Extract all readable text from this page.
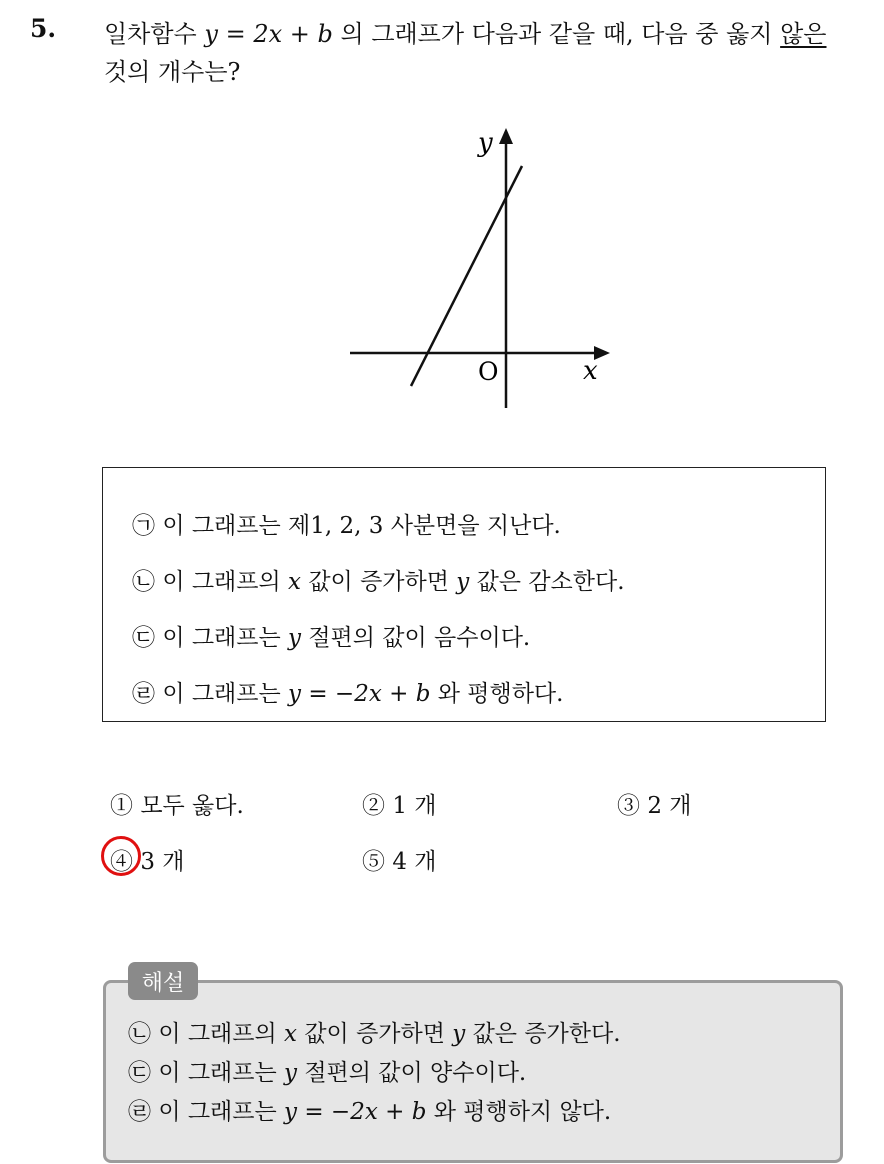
5. 일차함수 y = 2x + b 의 그래프가 다음과 같을 때, 다음 중 옳지 않은
것의 개수는?
y
x
O
㉠ 이 그래프는 제1, 2, 3 사분면을 지난다.
㉡ 이 그래프의 x 값이 증가하면 y 값은 감소한다.
㉢ 이 그래프는 y 절편의 값이 음수이다.
㉣ 이 그래프는 y = −2x + b 와 평행하다.
① 모두 옳다.	② 1 개	③ 2 개
④ 3 개	⑤ 4 개
해설
㉡ 이 그래프의 x 값이 증가하면 y 값은 증가한다.
㉢ 이 그래프는 y 절편의 값이 양수이다.
㉣ 이 그래프는 y = −2x + b 와 평행하지 않다.
